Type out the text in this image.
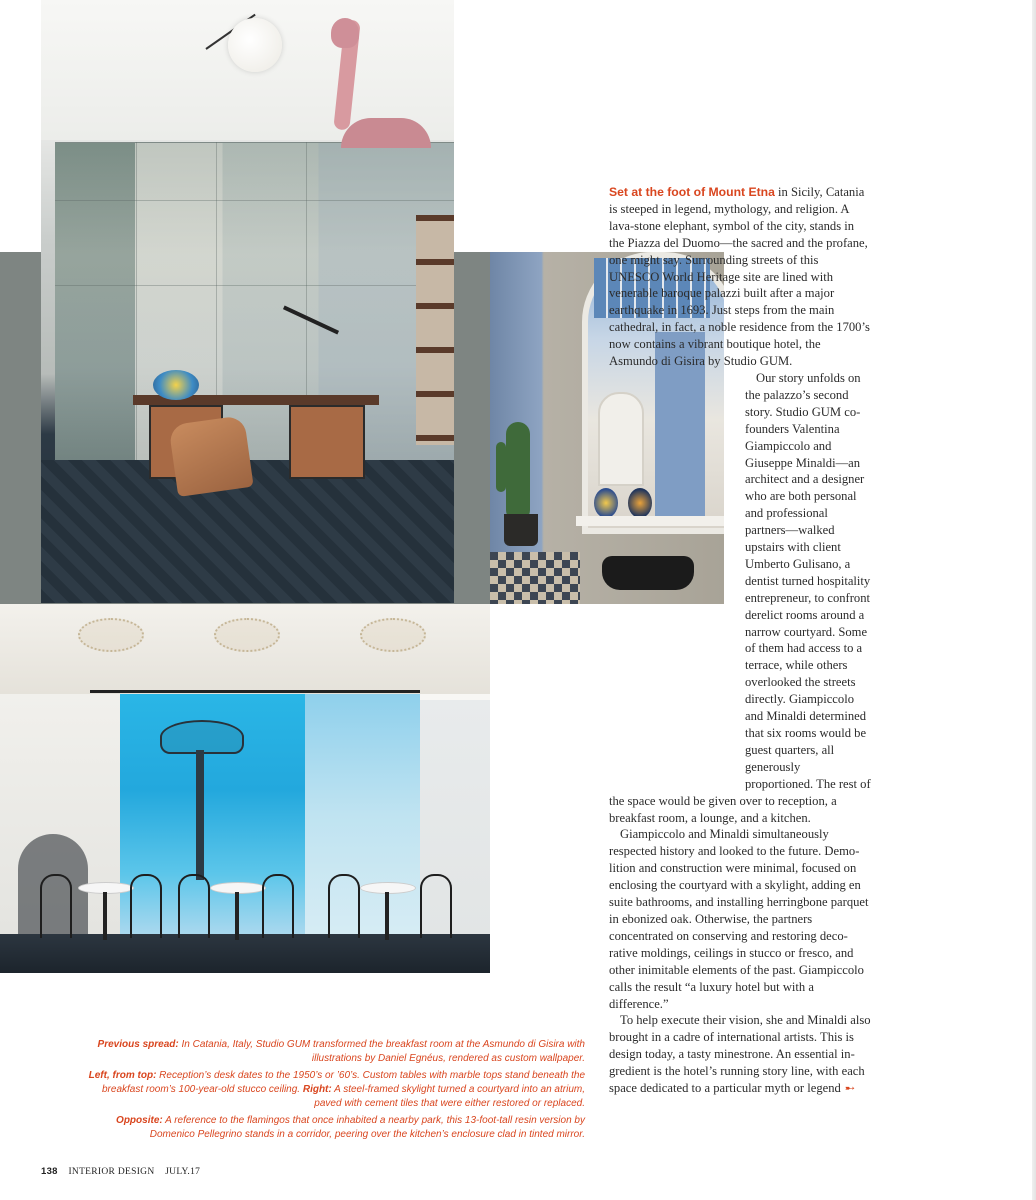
Set at the foot of Mount Etna in Sicily, Catania is steeped in legend, mythology, and religion. A lava-stone elephant, symbol of the city, stands in the Piazza del Duomo—the sacred and the profane, one might say. Surrounding streets of this UNESCO World Heritage site are lined with venerable baroque palazzi built after a major earthquake in 1693. Just steps from the main cathedral, in fact, a noble residence from the 1700’s now contains a vibrant boutique hotel, the Asmundo di Gisira by Studio GUM.

Our story unfolds on the palazzo’s second story. Studio GUM co-founders Valentina Giampiccolo and Giuseppe Minaldi—an architect and a designer who are both personal and professional partners—walked upstairs with client Umberto Gulisano, a dentist turned hospitality entrepreneur, to confront derelict rooms around a narrow courtyard. Some of them had access to a terrace, while others overlooked the streets directly. Giampiccolo and Minaldi determined that six rooms would be guest quarters, all generously proportioned. The rest of the space would be given over to reception, a breakfast room, a lounge, and a kitchen.

Giampiccolo and Minaldi simultaneously respected history and looked to the future. Demolition and construction were minimal, focused on enclosing the courtyard with a skylight, adding en suite bathrooms, and installing herringbone parquet in ebonized oak. Otherwise, the partners concentrated on conserving and restoring decorative moldings, ceilings in stucco or fresco, and other inimitable elements of the past. Giampiccolo calls the result “a luxury hotel but with a difference.”

To help execute their vision, she and Minaldi also brought in a cadre of international artists. This is design today, a tasty minestrone. An essential ingredient is the hotel’s running story line, with each space dedicated to a particular myth or legend ➸

Previous spread: In Catania, Italy, Studio GUM transformed the breakfast room at the Asmundo di Gisira with illustrations by Daniel Egnéus, rendered as custom wallpaper.

Left, from top: Reception’s desk dates to the 1950’s or ’60’s. Custom tables with marble tops stand beneath the breakfast room’s 100-year-old stucco ceiling. Right: A steel-framed skylight turned a courtyard into an atrium, paved with cement tiles that were either restored or replaced.

Opposite: A reference to the flamingos that once inhabited a nearby park, this 13-foot-tall resin version by Domenico Pellegrino stands in a corridor, peering over the kitchen’s enclosure clad in tinted mirror.

138 INTERIOR DESIGN JULY.17
